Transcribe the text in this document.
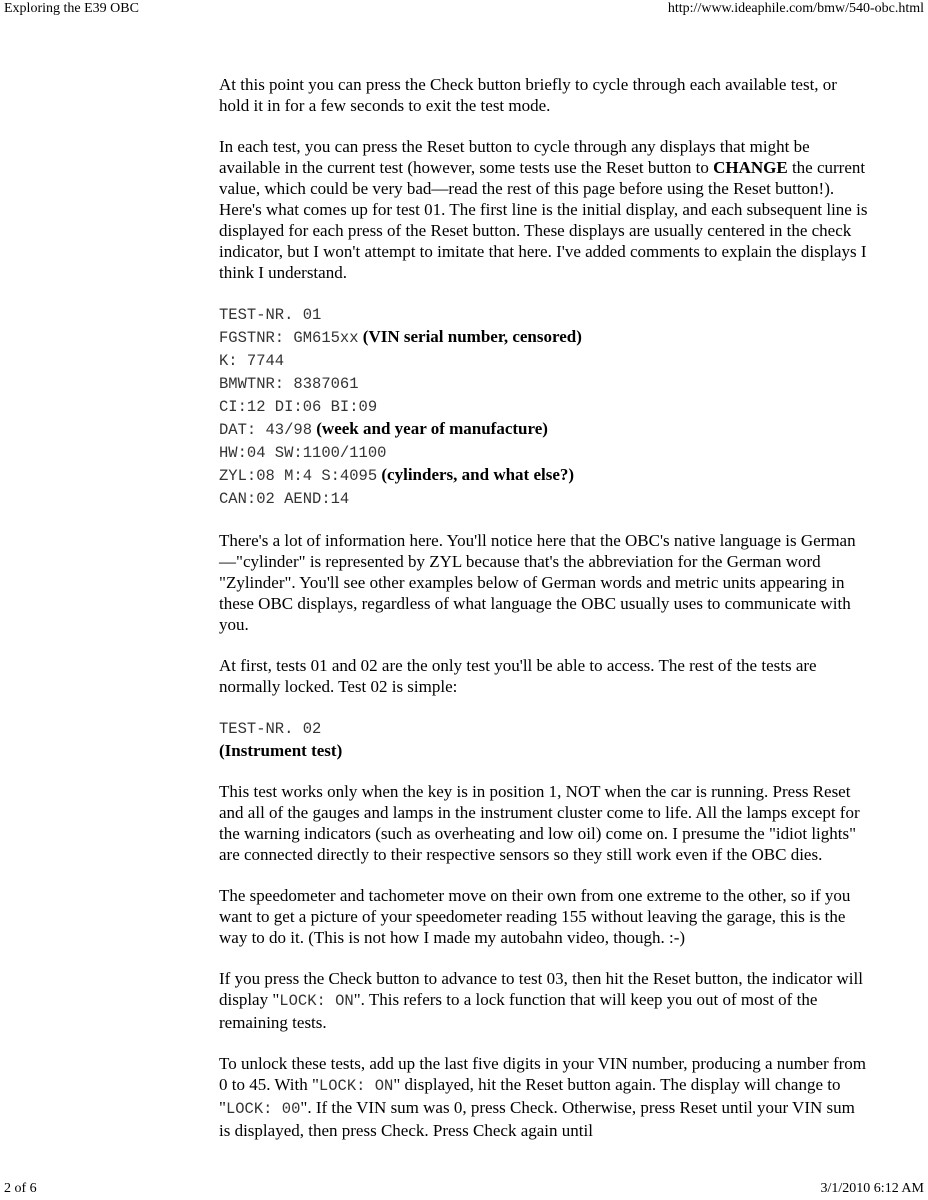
Exploring the E39 OBC	http://www.ideaphile.com/bmw/540-obc.html

At this point you can press the Check button briefly to cycle through each available test, or hold it in for a few seconds to exit the test mode.

In each test, you can press the Reset button to cycle through any displays that might be available in the current test (however, some tests use the Reset button to CHANGE the current value, which could be very bad—read the rest of this page before using the Reset button!). Here's what comes up for test 01. The first line is the initial display, and each subsequent line is displayed for each press of the Reset button. These displays are usually centered in the check indicator, but I won't attempt to imitate that here. I've added comments to explain the displays I think I understand.

TEST-NR. 01
FGSTNR: GM615xx (VIN serial number, censored)
K: 7744
BMWTNR: 8387061
CI:12 DI:06 BI:09
DAT: 43/98 (week and year of manufacture)
HW:04 SW:1100/1100
ZYL:08 M:4 S:4095 (cylinders, and what else?)
CAN:02 AEND:14

There's a lot of information here. You'll notice here that the OBC's native language is German—"cylinder" is represented by ZYL because that's the abbreviation for the German word "Zylinder". You'll see other examples below of German words and metric units appearing in these OBC displays, regardless of what language the OBC usually uses to communicate with you.

At first, tests 01 and 02 are the only test you'll be able to access. The rest of the tests are normally locked. Test 02 is simple:

TEST-NR. 02
(Instrument test)

This test works only when the key is in position 1, NOT when the car is running. Press Reset and all of the gauges and lamps in the instrument cluster come to life. All the lamps except for the warning indicators (such as overheating and low oil) come on. I presume the "idiot lights" are connected directly to their respective sensors so they still work even if the OBC dies.

The speedometer and tachometer move on their own from one extreme to the other, so if you want to get a picture of your speedometer reading 155 without leaving the garage, this is the way to do it. (This is not how I made my autobahn video, though. :-)

If you press the Check button to advance to test 03, then hit the Reset button, the indicator will display "LOCK: ON". This refers to a lock function that will keep you out of most of the remaining tests.

To unlock these tests, add up the last five digits in your VIN number, producing a number from 0 to 45. With "LOCK: ON" displayed, hit the Reset button again. The display will change to "LOCK: 00". If the VIN sum was 0, press Check. Otherwise, press Reset until your VIN sum is displayed, then press Check. Press Check again until

2 of 6	3/1/2010 6:12 AM
